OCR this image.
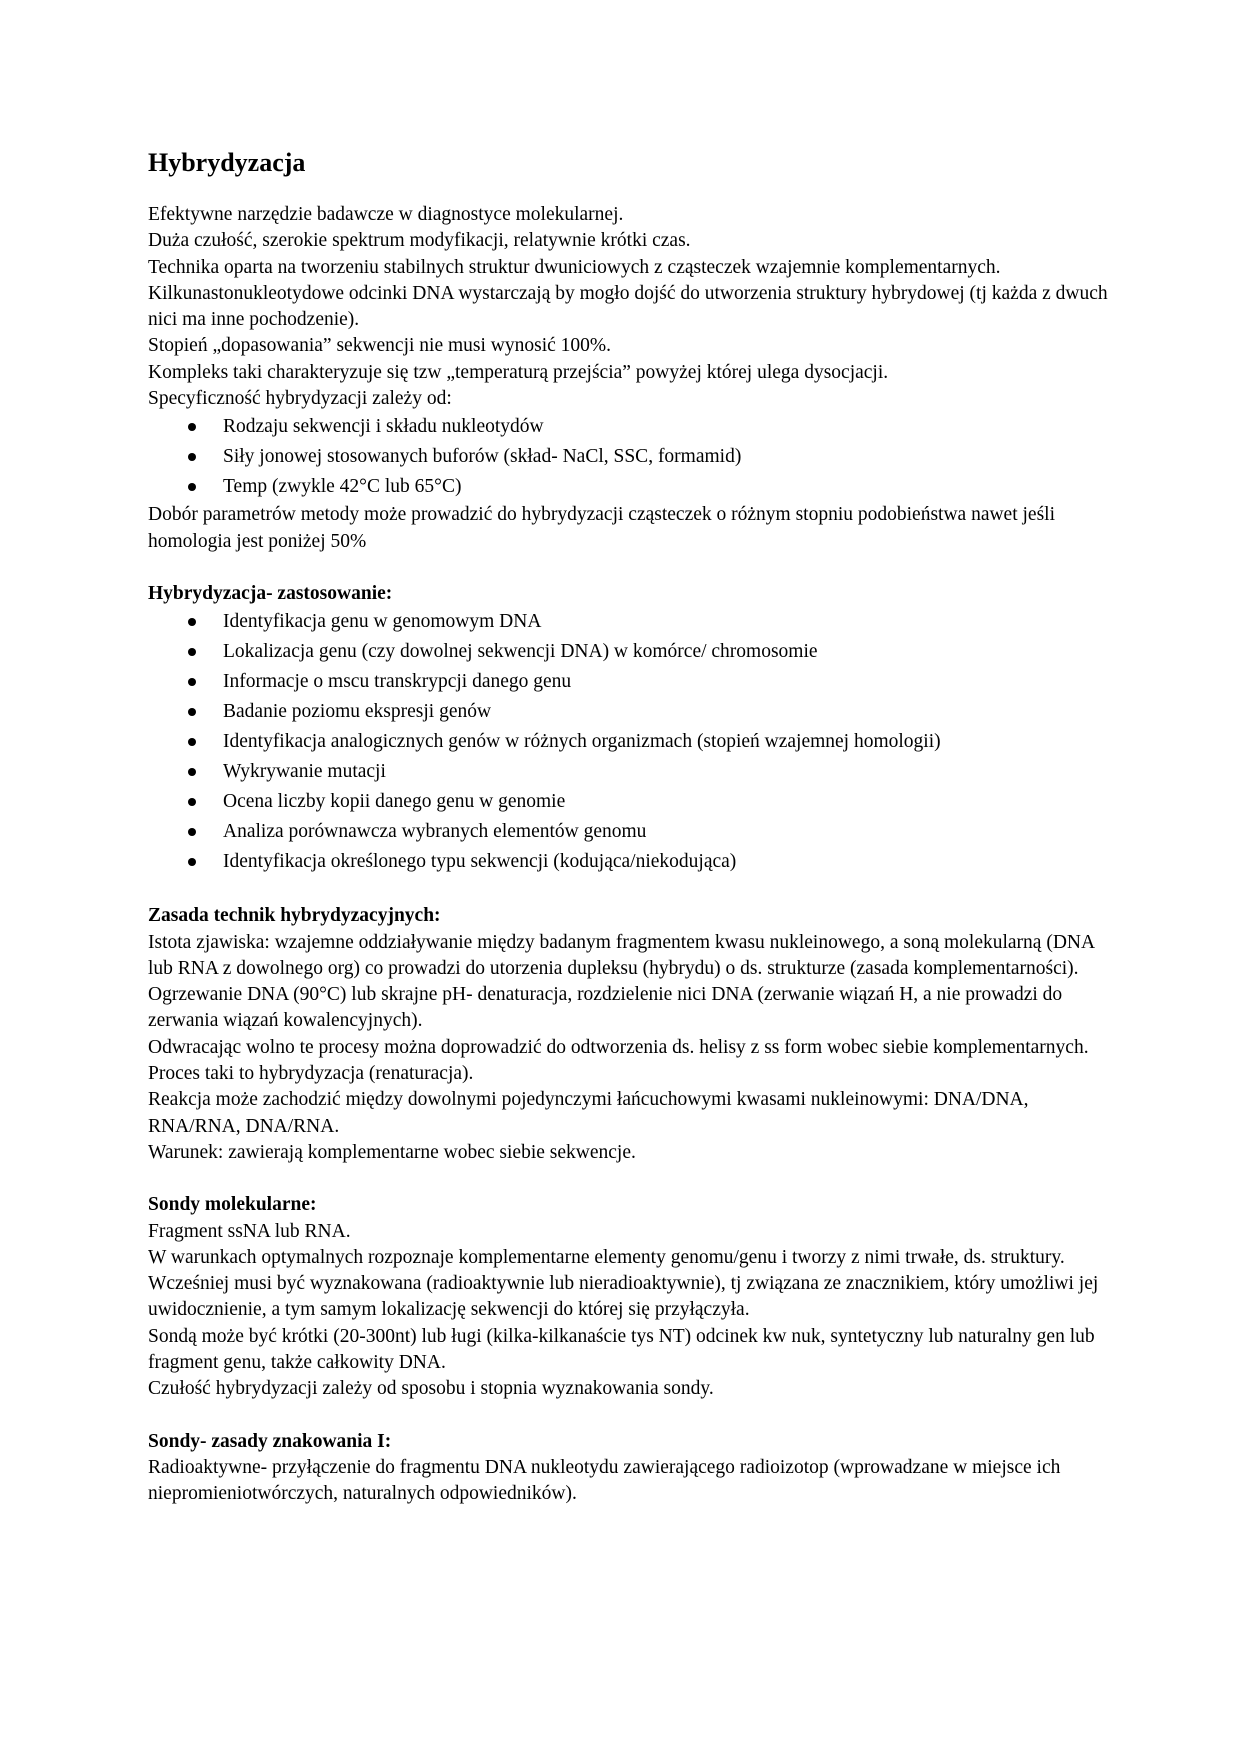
Hybrydyzacja

Efektywne narzędzie badawcze w diagnostyce molekularnej.

Duża czułość, szerokie spektrum modyfikacji, relatywnie krótki czas.

Technika oparta na tworzeniu stabilnych struktur dwuniciowych z cząsteczek wzajemnie komplementarnych.

Kilkunastonukleotydowe odcinki DNA wystarczają by mogło dojść do utworzenia struktury hybrydowej (tj każda z dwuch nici ma inne pochodzenie).

Stopień „dopasowania” sekwencji nie musi wynosić 100%.

Kompleks taki charakteryzuje się tzw „temperaturą przejścia” powyżej której ulega dysocjacji.

Specyficzność hybrydyzacji zależy od:

Rodzaju sekwencji i składu nukleotydów
Siły jonowej stosowanych buforów (skład- NaCl, SSC, formamid)
Temp (zwykle 42°C lub 65°C)

Dobór parametrów metody może prowadzić do hybrydyzacji cząsteczek o różnym stopniu podobieństwa nawet jeśli homologia jest poniżej 50%

Hybrydyzacja- zastosowanie:
Identyfikacja genu w genomowym DNA
Lokalizacja genu (czy dowolnej sekwencji DNA) w komórce/ chromosomie
Informacje o mscu transkrypcji danego genu
Badanie poziomu ekspresji genów
Identyfikacja analogicznych genów w różnych organizmach (stopień wzajemnej homologii)
Wykrywanie mutacji
Ocena liczby kopii danego genu w genomie
Analiza porównawcza wybranych elementów genomu
Identyfikacja określonego typu sekwencji (kodująca/niekodująca)
Zasada technik hybrydyzacyjnych:

Istota zjawiska: wzajemne oddziaływanie między badanym fragmentem kwasu nukleinowego, a soną molekularną (DNA lub RNA z dowolnego org) co prowadzi do utorzenia dupleksu (hybrydu) o ds. strukturze (zasada komplementarności).

Ogrzewanie DNA (90°C) lub skrajne pH- denaturacja, rozdzielenie nici DNA (zerwanie wiązań H, a nie prowadzi do zerwania wiązań kowalencyjnych).

Odwracając wolno te procesy można doprowadzić do odtworzenia ds. helisy z ss form wobec siebie komplementarnych. Proces taki to hybrydyzacja (renaturacja).

Reakcja może zachodzić między dowolnymi pojedynczymi łańcuchowymi kwasami nukleinowymi: DNA/DNA, RNA/RNA, DNA/RNA.

Warunek: zawierają komplementarne wobec siebie sekwencje.

Sondy molekularne:

Fragment ssNA lub RNA.

W warunkach optymalnych rozpoznaje komplementarne elementy genomu/genu i tworzy z nimi trwałe, ds. struktury.

Wcześniej musi być wyznakowana (radioaktywnie lub nieradioaktywnie), tj związana ze znacznikiem, który umożliwi jej uwidocznienie, a tym samym lokalizację sekwencji do której się przyłączyła.

Sondą może być krótki (20-300nt) lub ługi (kilka-kilkanaście tys NT) odcinek kw nuk, syntetyczny lub naturalny gen lub fragment genu, także całkowity DNA.

Czułość hybrydyzacji zależy od sposobu i stopnia wyznakowania sondy.

Sondy- zasady znakowania I:

Radioaktywne- przyłączenie do fragmentu DNA nukleotydu zawierającego radioizotop (wprowadzane w miejsce ich niepromieniotwórczych, naturalnych odpowiedników).
